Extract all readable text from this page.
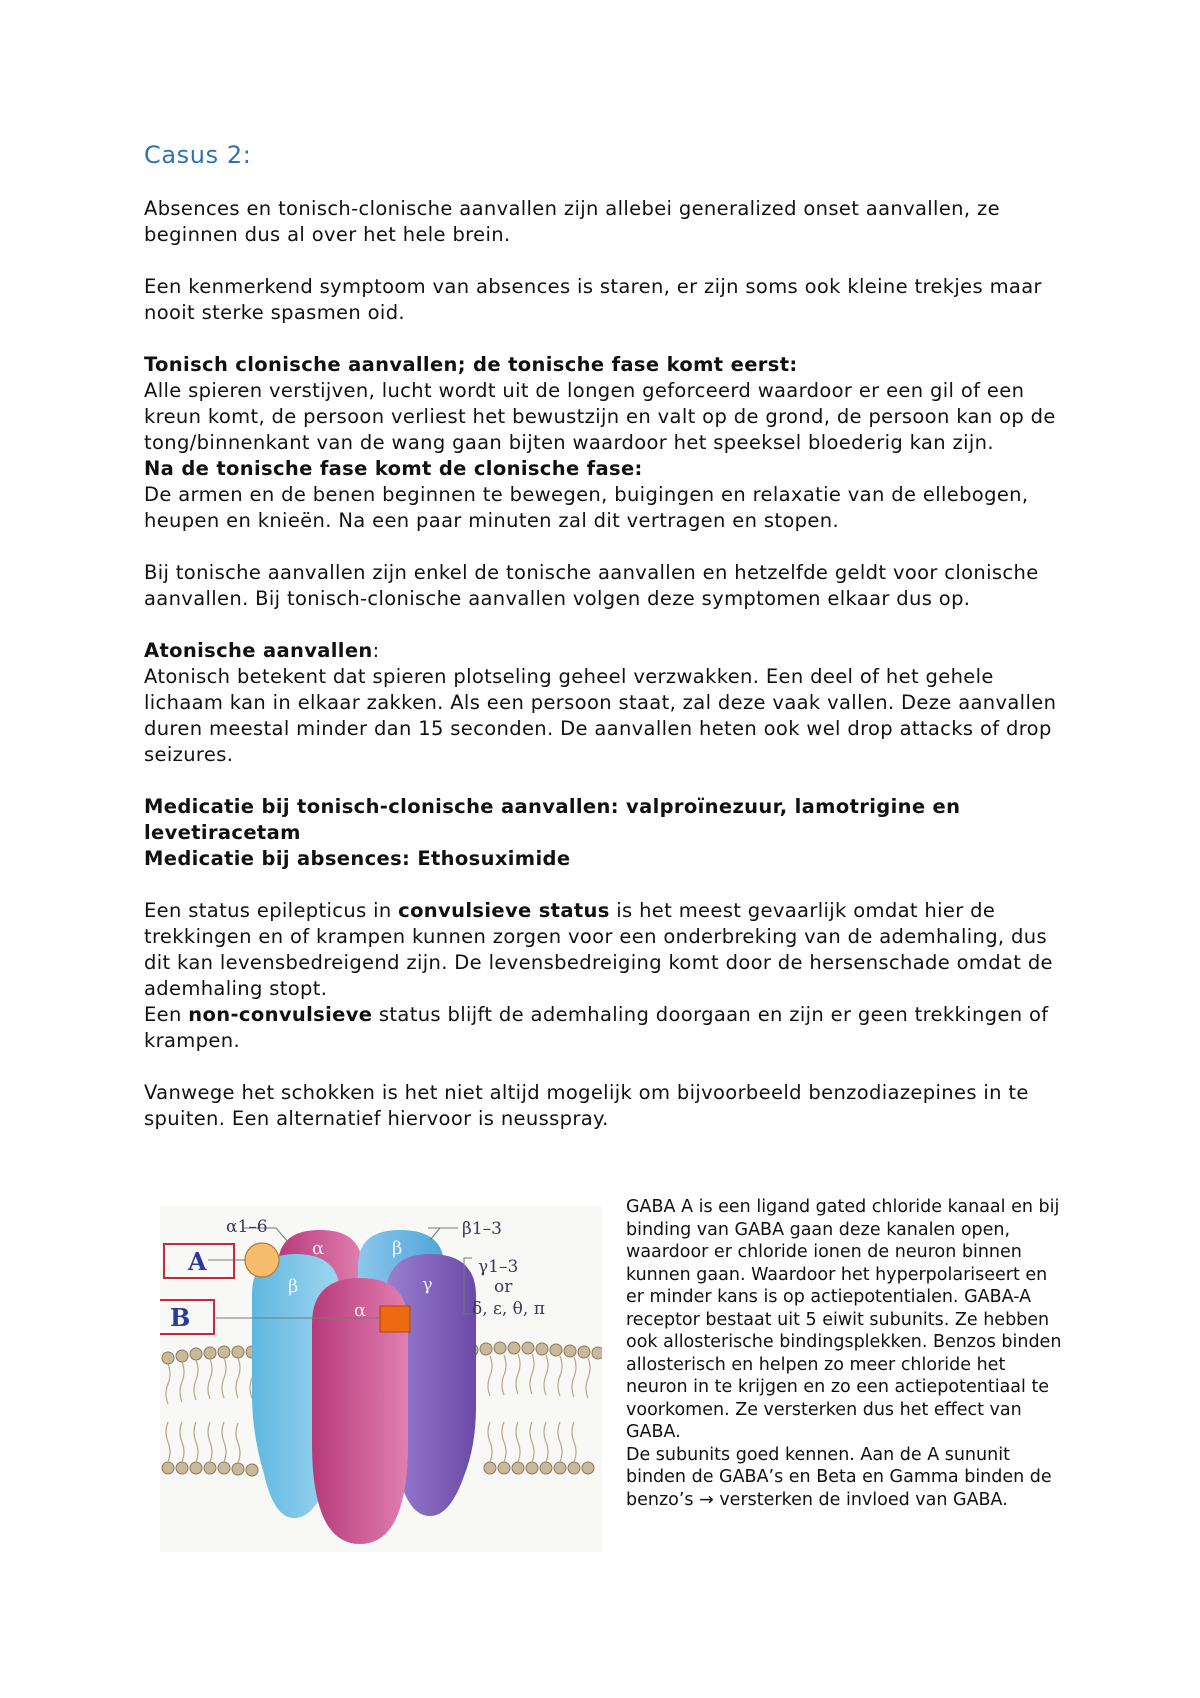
Casus 2:

Absences en tonisch-clonische aanvallen zijn allebei generalized onset aanvallen, ze beginnen dus al over het hele brein.

Een kenmerkend symptoom van absences is staren, er zijn soms ook kleine trekjes maar nooit sterke spasmen oid.

Tonisch clonische aanvallen; de tonische fase komt eerst:

Alle spieren verstijven, lucht wordt uit de longen geforceerd waardoor er een gil of een kreun komt, de persoon verliest het bewustzijn en valt op de grond, de persoon kan op de tong/binnenkant van de wang gaan bijten waardoor het speeksel bloederig kan zijn.

Na de tonische fase komt de clonische fase:

De armen en de benen beginnen te bewegen, buigingen en relaxatie van de ellebogen, heupen en knieën. Na een paar minuten zal dit vertragen en stopen.

Bij tonische aanvallen zijn enkel de tonische aanvallen en hetzelfde geldt voor clonische aanvallen. Bij tonisch-clonische aanvallen volgen deze symptomen elkaar dus op.

Atonische aanvallen:

Atonisch betekent dat spieren plotseling geheel verzwakken. Een deel of het gehele lichaam kan in elkaar zakken. Als een persoon staat, zal deze vaak vallen. Deze aanvallen duren meestal minder dan 15 seconden. De aanvallen heten ook wel drop attacks of drop seizures.

Medicatie bij tonisch-clonische aanvallen: valproïnezuur, lamotrigine en levetiracetam

Medicatie bij absences: Ethosuximide

Een status epilepticus in convulsieve status is het meest gevaarlijk omdat hier de trekkingen en of krampen kunnen zorgen voor een onderbreking van de ademhaling, dus dit kan levensbedreigend zijn. De levensbedreiging komt door de hersenschade omdat de ademhaling stopt.

Een non-convulsieve status blijft de ademhaling doorgaan en zijn er geen trekkingen of krampen.

Vanwege het schokken is het niet altijd mogelijk om bijvoorbeeld benzodiazepines in te spuiten. Een alternatief hiervoor is neusspray.

A
B
α1–6	β1–3
γ1–3
or
δ, ε, θ, π
α	β
β	γ
α

GABA A is een ligand gated chloride kanaal en bij binding van GABA gaan deze kanalen open, waardoor er chloride ionen de neuron binnen kunnen gaan. Waardoor het hyperpolariseert en er minder kans is op actiepotentialen. GABA-A receptor bestaat uit 5 eiwit subunits. Ze hebben ook allosterische bindingsplekken. Benzos binden allosterisch en helpen zo meer chloride het neuron in te krijgen en zo een actiepotentiaal te voorkomen. Ze versterken dus het effect van GABA.

De subunits goed kennen. Aan de A sununit binden de GABA’s en Beta en Gamma binden de benzo’s → versterken de invloed van GABA.
